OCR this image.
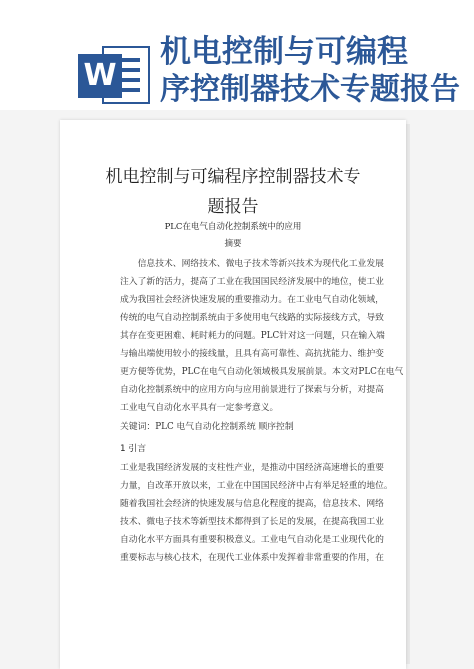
W
机电控制与可编程
序控制器技术专题报告
机电控制与可编程序控制器技术专
题报告
PLC在电气自动化控制系统中的应用
摘要
信息技术、网络技术、微电子技术等新兴技术为现代化工业发展
注入了新的活力，提高了工业在我国国民经济发展中的地位，使工业
成为我国社会经济快速发展的重要推动力。在工业电气自动化领域，
传统的电气自动控制系统由于多使用电气线路的实际接线方式，导致
其存在变更困难、耗时耗力的问题。PLC针对这一问题，只在输入端
与输出端使用较小的接线量，且具有高可靠性、高抗扰能力、维护变
更方便等优势，PLC在电气自动化领域极具发展前景。本文对PLC在电气
自动化控制系统中的应用方向与应用前景进行了探索与分析，对提高
工业电气自动化水平具有一定参考意义。
关键词：PLC 电气自动化控制系统 顺序控制
1 引言
工业是我国经济发展的支柱性产业，是推动中国经济高速增长的重要
力量，自改革开放以来，工业在中国国民经济中占有举足轻重的地位。
随着我国社会经济的快速发展与信息化程度的提高，信息技术、网络
技术、微电子技术等新型技术都得到了长足的发展，在提高我国工业
自动化水平方面具有重要积极意义。工业电气自动化是工业现代化的
重要标志与核心技术，在现代工业体系中发挥着非常重要的作用，在
